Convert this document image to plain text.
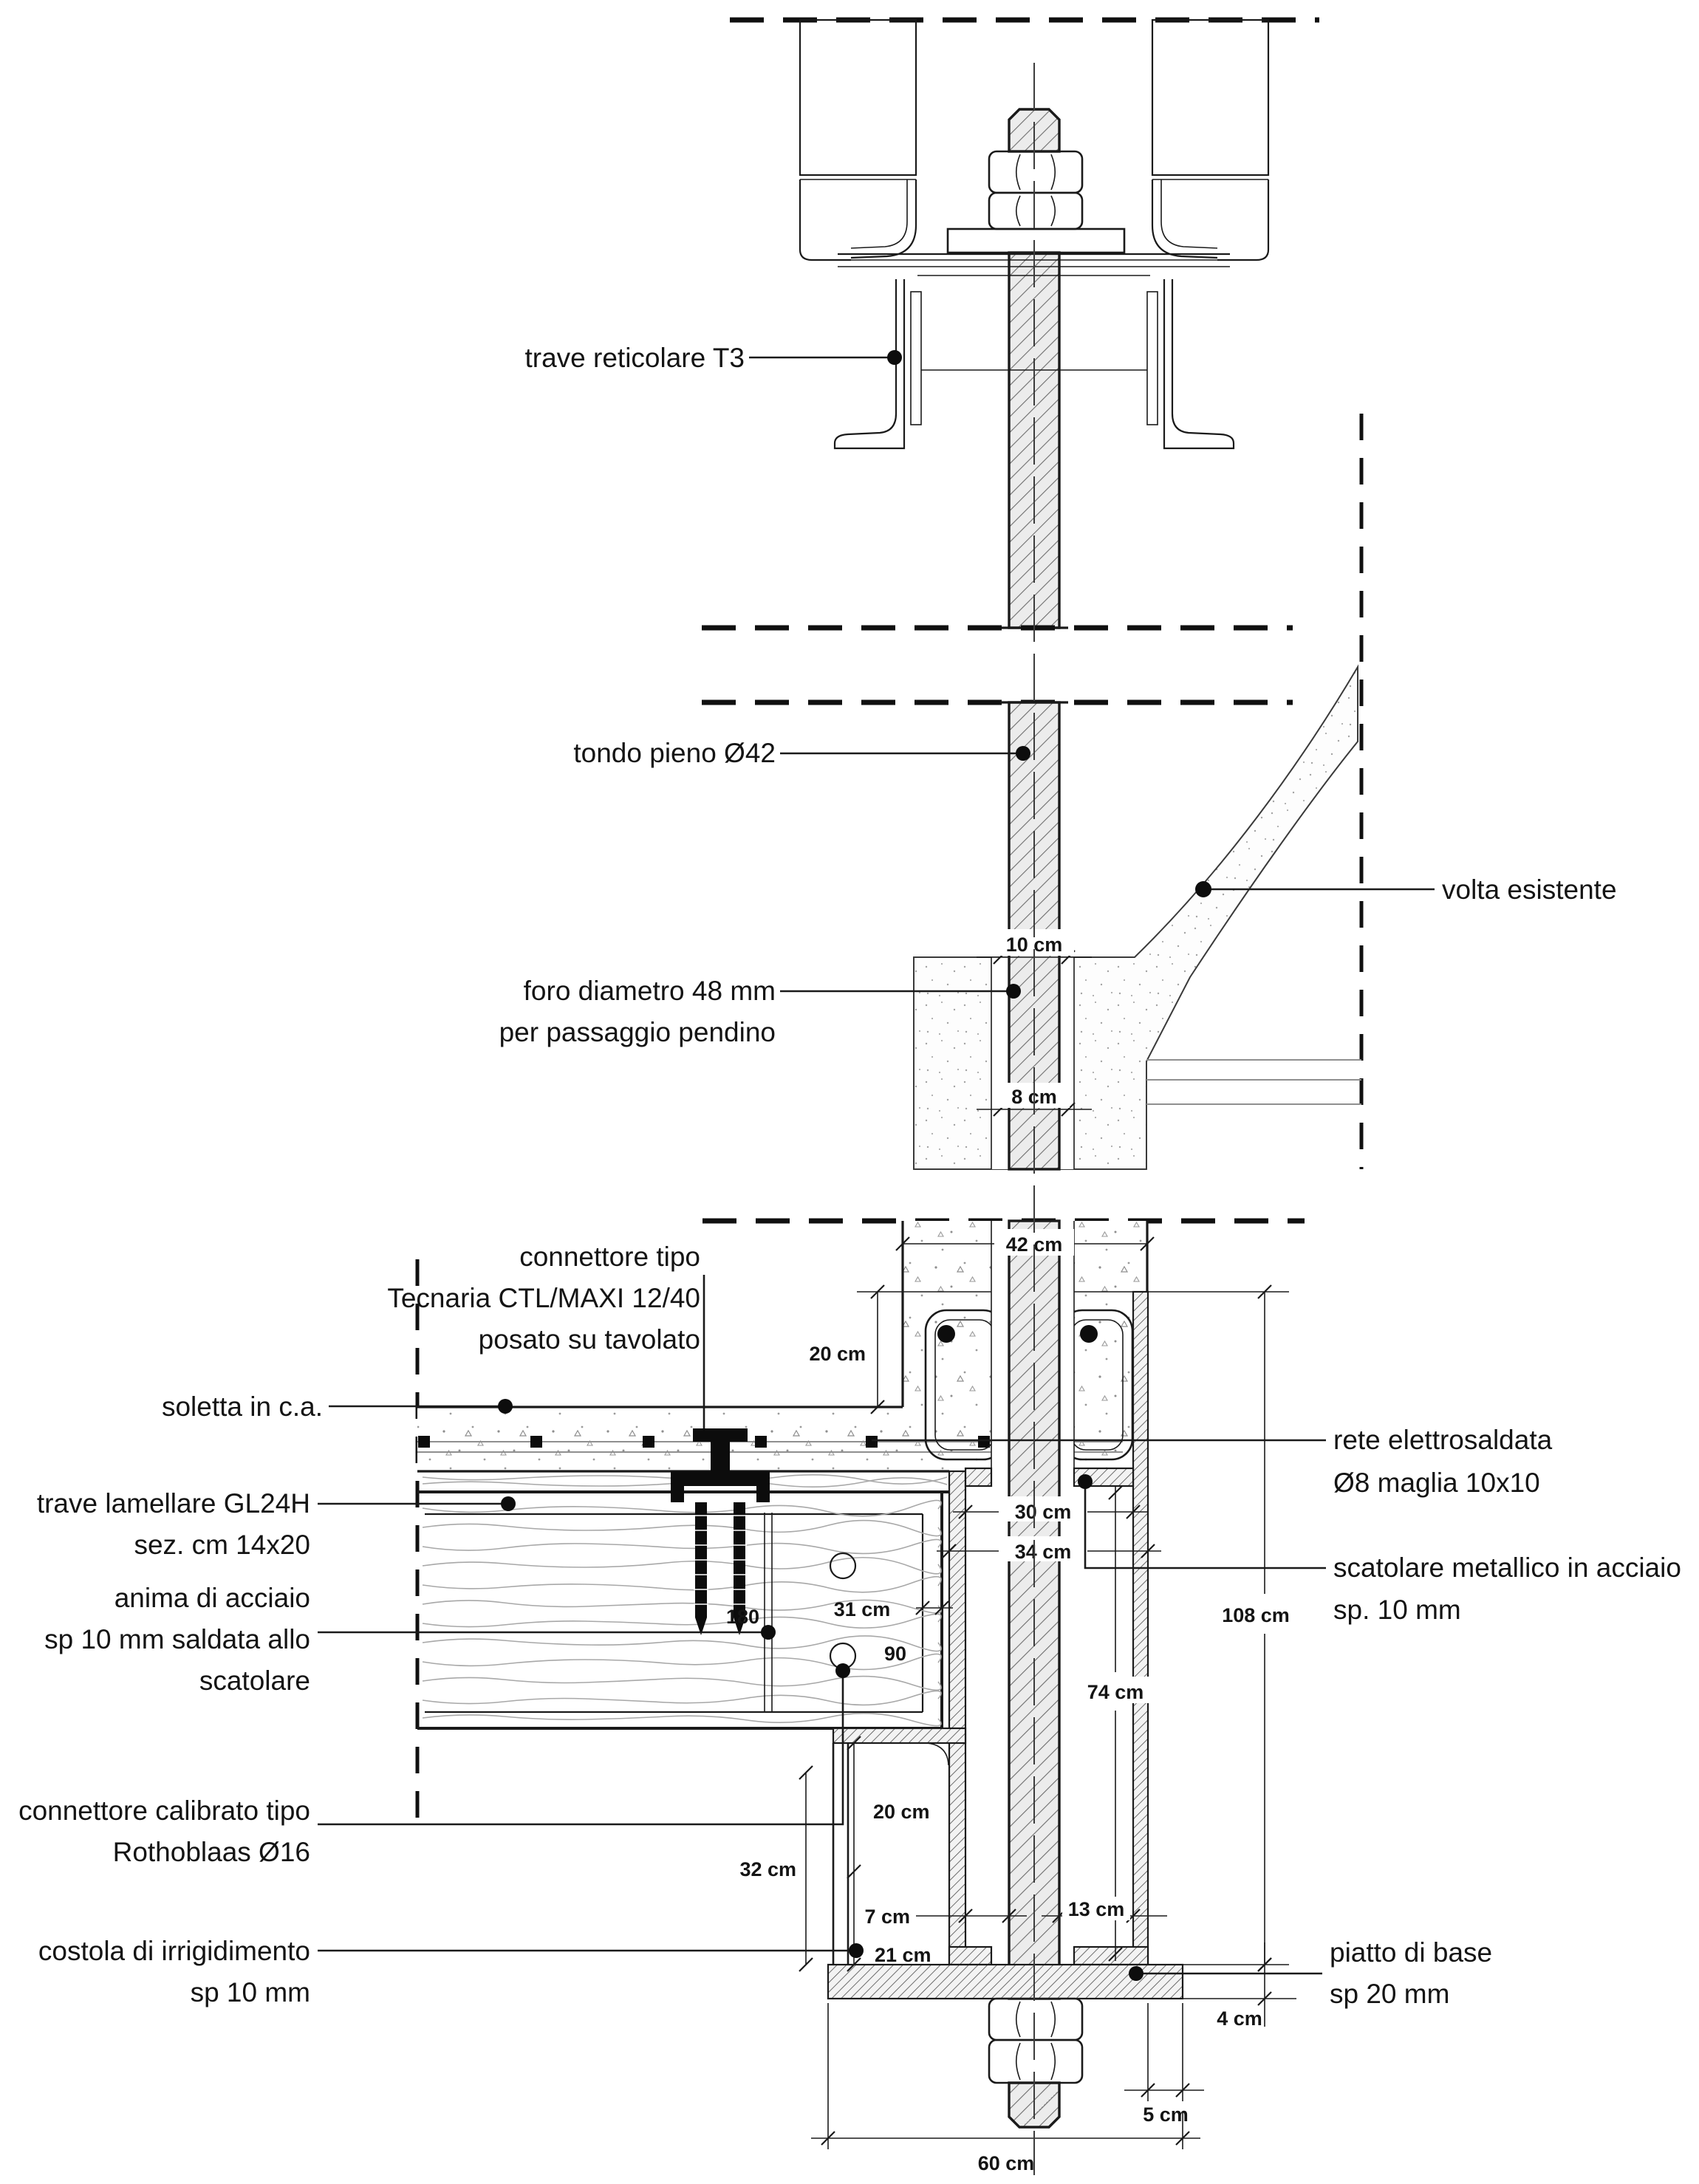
trave reticolare T3
10 cm
8 cm
tondo pieno Ø42
volta esistente
foro diametro 48 mm
per passaggio pendino
42 cm
20 cm
30 cm
34 cm
31 cm
180
90
108 cm
74 cm
20 cm
32 cm
7 cm	13 cm
21 cm
4 cm
5 cm
60 cm
connettore tipo
Tecnaria CTL/MAXI 12/40
posato su tavolato
soletta in c.a.
trave lamellare GL24H
sez. cm 14x20
anima di acciaio
sp 10 mm saldata allo
scatolare
connettore calibrato tipo
Rothoblaas Ø16
costola di irrigidimento
sp 10 mm
rete elettrosaldata
Ø8 maglia 10x10
scatolare metallico in acciaio
sp. 10 mm
piatto di base
sp 20 mm
